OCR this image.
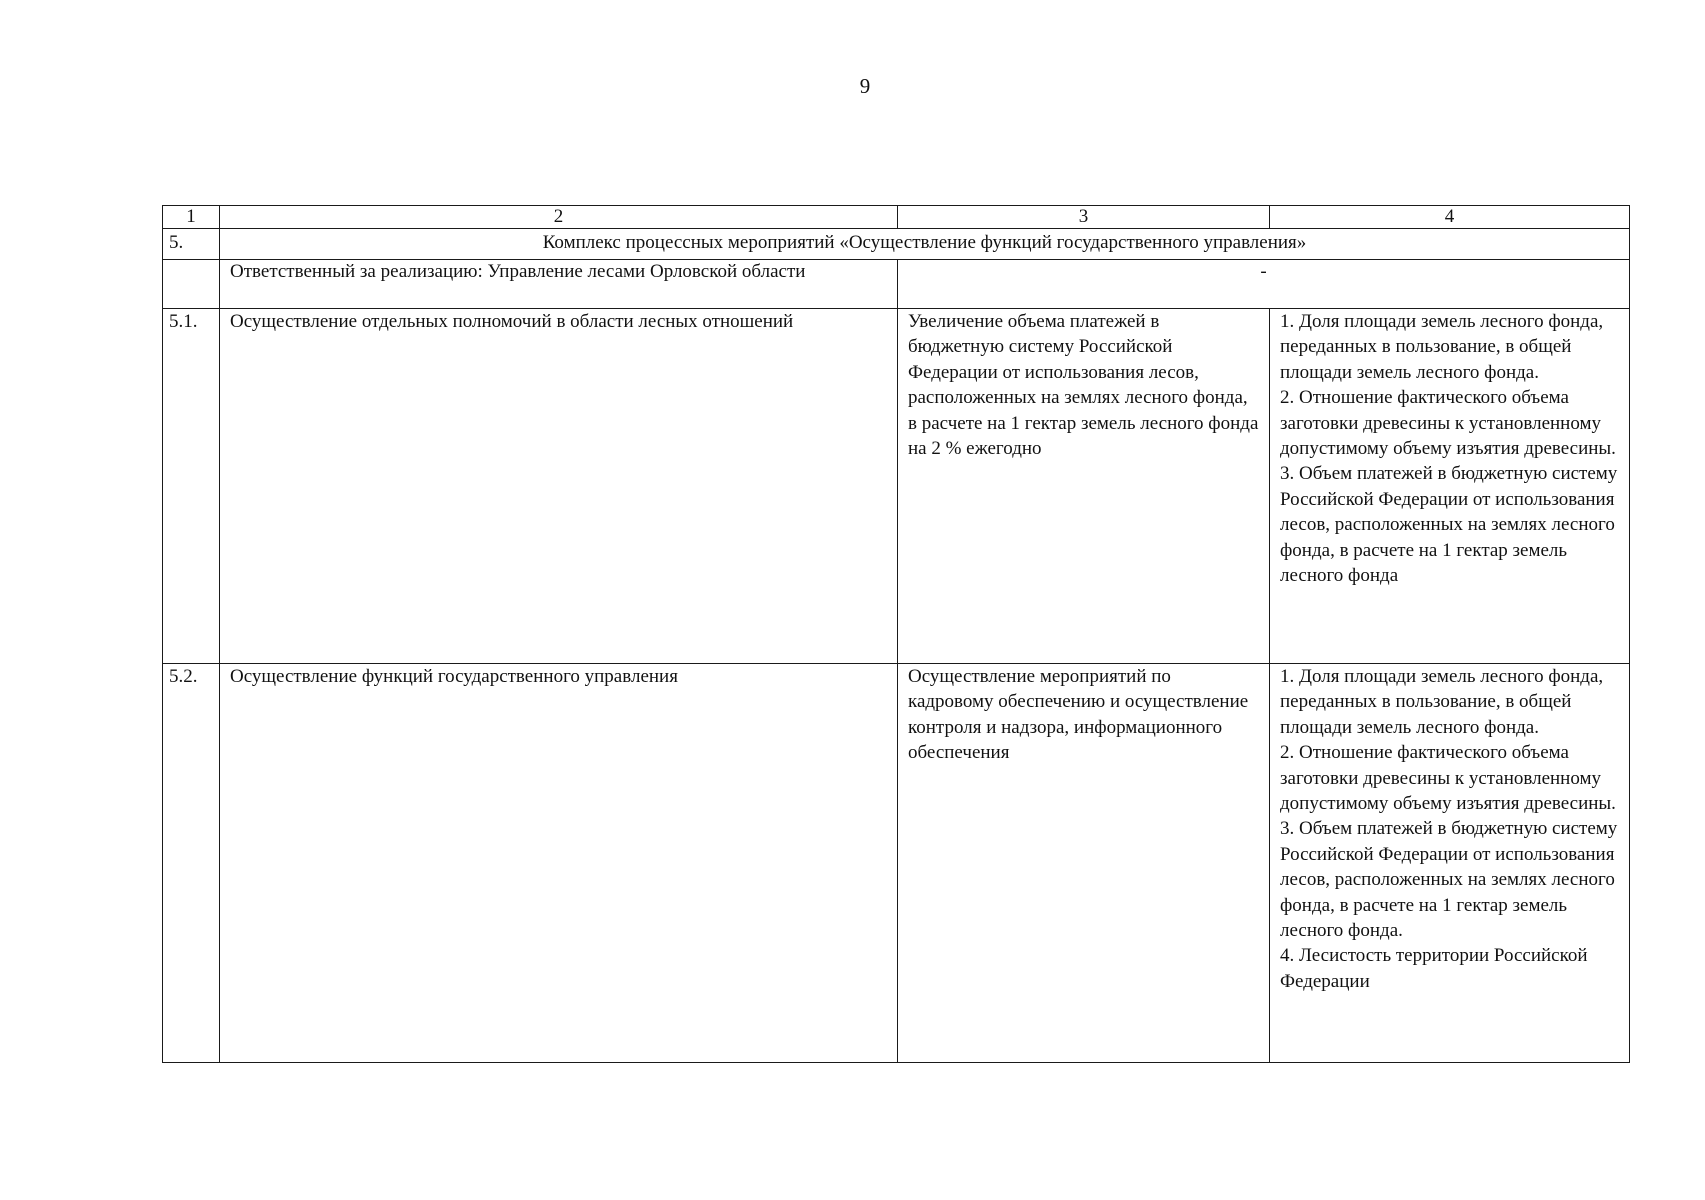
9
1	2	3	4
5.	Комплекс процессных мероприятий «Осуществление функций государственного управления»		
	Ответственный за реализацию: Управление лесами Орловской области	-	
5.1.	Осуществление отдельных полномочий в области лесных отношений	Увеличение объема платежей в бюджетную систему Российской Федерации от использования лесов, расположенных на землях лесного фонда, в расчете на 1 гектар земель лесного фонда на 2 % ежегодно	1. Доля площади земель лесного фонда, переданных в пользование, в общей площади земель лесного фонда.
2. Отношение фактического объема заготовки древесины к установленному допустимому объему изъятия древесины.
3. Объем платежей в бюджетную систему Российской Федерации от использования лесов, расположенных на землях лесного фонда, в расчете на 1 гектар земель лесного фонда

5.2.	Осуществление функций государственного управления	Осуществление мероприятий по кадровому обеспечению и осуществление контроля и надзора, информационного обеспечения	1. Доля площади земель лесного фонда, переданных в пользование, в общей площади земель лесного фонда.
2. Отношение фактического объема заготовки древесины к установленному допустимому объему изъятия древесины.
3. Объем платежей в бюджетную систему Российской Федерации от использования лесов, расположенных на землях лесного фонда, в расчете на 1 гектар земель лесного фонда.
4. Лесистость территории Российской Федерации
